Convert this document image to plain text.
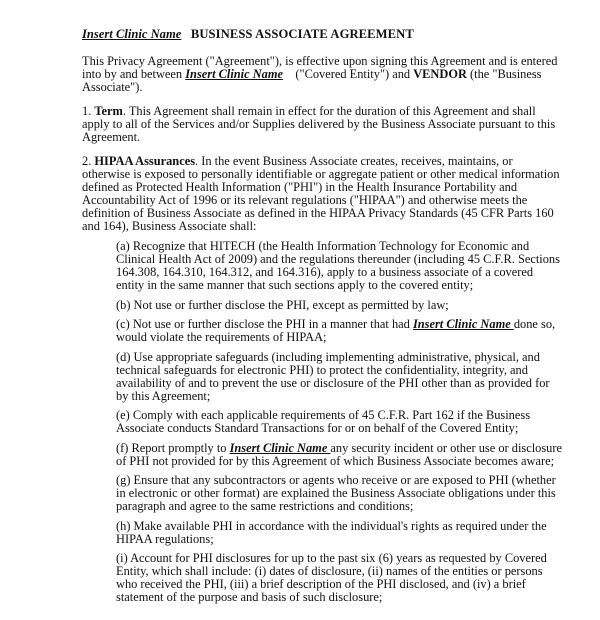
Insert Clinic Name BUSINESS ASSOCIATE AGREEMENT
This Privacy Agreement ("Agreement"), is effective upon signing this Agreement and is entered
into by and between Insert Clinic Name    ("Covered Entity") and VENDOR (the "Business
Associate").
1. Term. This Agreement shall remain in effect for the duration of this Agreement and shall
apply to all of the Services and/or Supplies delivered by the Business Associate pursuant to this
Agreement.
2. HIPAA Assurances. In the event Business Associate creates, receives, maintains, or
otherwise is exposed to personally identifiable or aggregate patient or other medical information
defined as Protected Health Information ("PHI") in the Health Insurance Portability and
Accountability Act of 1996 or its relevant regulations ("HIPAA") and otherwise meets the
definition of Business Associate as defined in the HIPAA Privacy Standards (45 CFR Parts 160
and 164), Business Associate shall:
(a) Recognize that HITECH (the Health Information Technology for Economic and
Clinical Health Act of 2009) and the regulations thereunder (including 45 C.F.R. Sections
164.308, 164.310, 164.312, and 164.316), apply to a business associate of a covered
entity in the same manner that such sections apply to the covered entity;
(b) Not use or further disclose the PHI, except as permitted by law;
(c) Not use or further disclose the PHI in a manner that had Insert Clinic Name done so,
would violate the requirements of HIPAA;
(d) Use appropriate safeguards (including implementing administrative, physical, and
technical safeguards for electronic PHI) to protect the confidentiality, integrity, and
availability of and to prevent the use or disclosure of the PHI other than as provided for
by this Agreement;
(e) Comply with each applicable requirements of 45 C.F.R. Part 162 if the Business
Associate conducts Standard Transactions for or on behalf of the Covered Entity;
(f) Report promptly to Insert Clinic Name any security incident or other use or disclosure
of PHI not provided for by this Agreement of which Business Associate becomes aware;
(g) Ensure that any subcontractors or agents who receive or are exposed to PHI (whether
in electronic or other format) are explained the Business Associate obligations under this
paragraph and agree to the same restrictions and conditions;
(h) Make available PHI in accordance with the individual's rights as required under the
HIPAA regulations;
(i) Account for PHI disclosures for up to the past six (6) years as requested by Covered
Entity, which shall include: (i) dates of disclosure, (ii) names of the entities or persons
who received the PHI, (iii) a brief description of the PHI disclosed, and (iv) a brief
statement of the purpose and basis of such disclosure;
